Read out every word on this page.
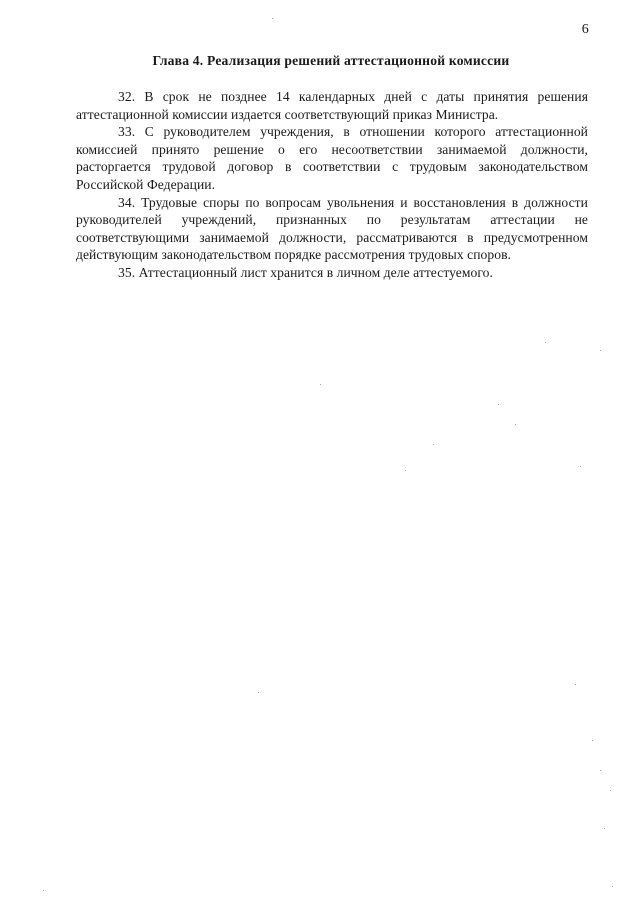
6
Глава 4. Реализация решений аттестационной комиссии

32. В срок не позднее 14 календарных дней с даты принятия решения аттестационной комиссии издается соответствующий приказ Министра.

33. С руководителем учреждения, в отношении которого аттестационной комиссией принято решение о его несоответствии занимаемой должности, расторгается трудовой договор в соответствии с трудовым законодательством Российской Федерации.

34. Трудовые споры по вопросам увольнения и восстановления в должности руководителей учреждений, признанных по результатам аттестации не соответствующими занимаемой должности, рассматриваются в предусмотренном действующим законодательством порядке рассмотрения трудовых споров.

35. Аттестационный лист хранится в личном деле аттестуемого.
